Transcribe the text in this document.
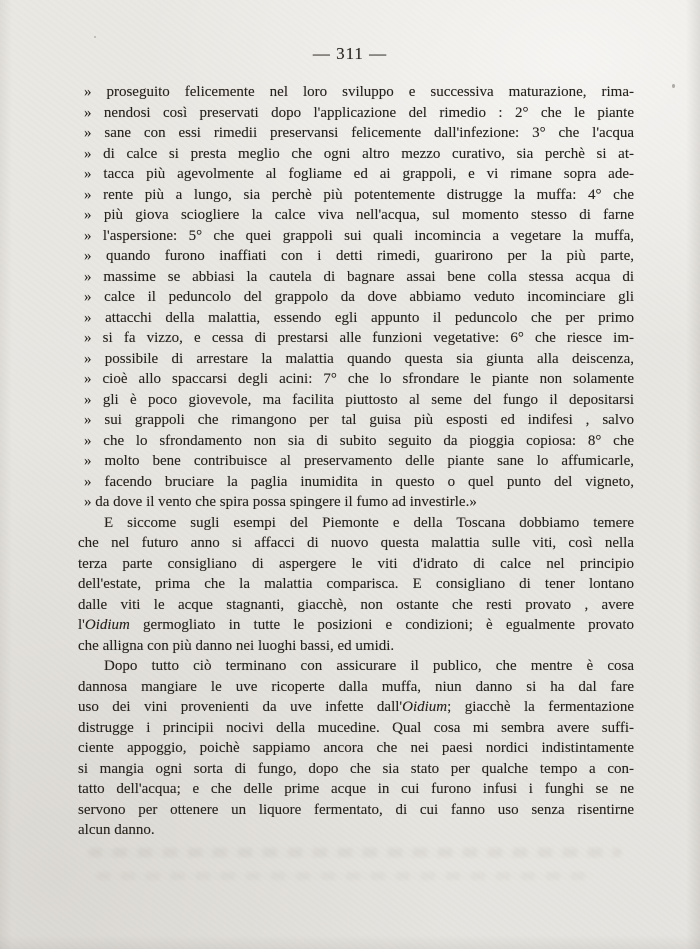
— 311 —
» proseguito felicemente nel loro sviluppo e successiva maturazione, rima-
» nendosi così preservati dopo l'applicazione del rimedio : 2° che le piante
» sane con essi rimedii preservansi felicemente dall'infezione: 3° che l'acqua
» di calce si presta meglio che ogni altro mezzo curativo, sia perchè si at-
» tacca più agevolmente al fogliame ed ai grappoli, e vi rimane sopra ade-
» rente più a lungo, sia perchè più potentemente distrugge la muffa: 4° che
» più giova sciogliere la calce viva nell'acqua, sul momento stesso di farne
» l'aspersione: 5° che quei grappoli sui quali incomincia a vegetare la muffa,
» quando furono inaffiati con i detti rimedi, guarirono per la più parte,
» massime se abbiasi la cautela di bagnare assai bene colla stessa acqua di
» calce il peduncolo del grappolo da dove abbiamo veduto incominciare gli
» attacchi della malattia, essendo egli appunto il peduncolo che per primo
» si fa vizzo, e cessa di prestarsi alle funzioni vegetative: 6° che riesce im-
» possibile di arrestare la malattia quando questa sia giunta alla deiscenza,
» cioè allo spaccarsi degli acini: 7° che lo sfrondare le piante non solamente
» gli è poco giovevole, ma facilita piuttosto al seme del fungo il depositarsi
» sui grappoli che rimangono per tal guisa più esposti ed indifesi , salvo
» che lo sfrondamento non sia di subito seguito da pioggia copiosa: 8° che
» molto bene contribuisce al preservamento delle piante sane lo affumicarle,
» facendo bruciare la paglia inumidita in questo o quel punto del vigneto,
» da dove il vento che spira possa spingere il fumo ad investirle.»
E siccome sugli esempi del Piemonte e della Toscana dobbiamo temere
che nel futuro anno si affacci di nuovo questa malattia sulle viti, così nella
terza parte consigliano di aspergere le viti d'idrato di calce nel principio
dell'estate, prima che la malattia comparisca. E consigliano di tener lontano
dalle viti le acque stagnanti, giacchè, non ostante che resti provato , avere
l'Oidium germogliato in tutte le posizioni e condizioni; è egualmente provato
che alligna con più danno nei luoghi bassi, ed umidi.
Dopo tutto ciò terminano con assicurare il publico, che mentre è cosa
dannosa mangiare le uve ricoperte dalla muffa, niun danno si ha dal fare
uso dei vini provenienti da uve infette dall'Oidium; giacchè la fermentazione
distrugge i principii nocivi della mucedine. Qual cosa mi sembra avere suffi-
ciente appoggio, poichè sappiamo ancora che nei paesi nordici indistintamente
si mangia ogni sorta di fungo, dopo che sia stato per qualche tempo a con-
tatto dell'acqua; e che delle prime acque in cui furono infusi i funghi se ne
servono per ottenere un liquore fermentato, di cui fanno uso senza risentirne
alcun danno.
